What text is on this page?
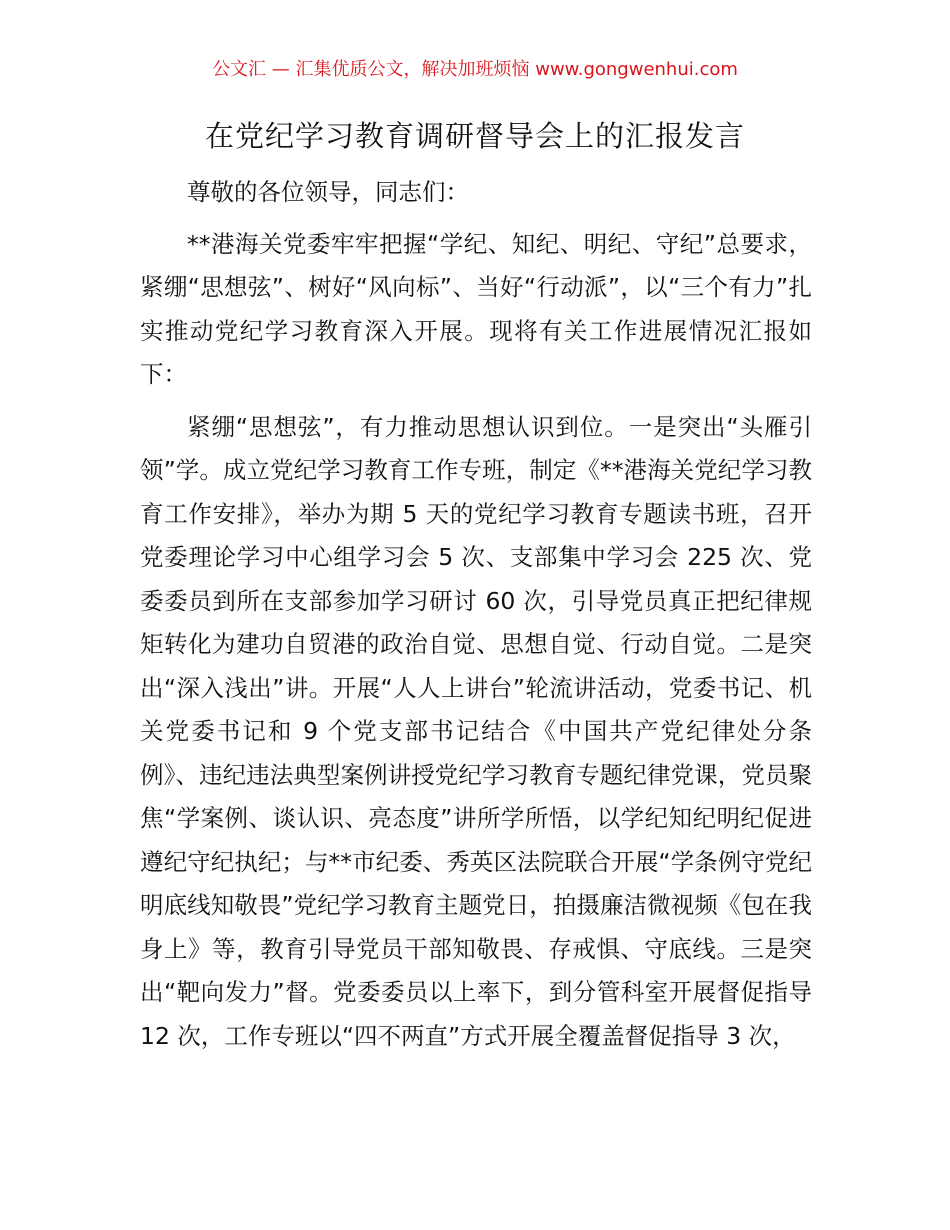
公文汇 — 汇集优质公文，解决加班烦恼 www.gongwenhui.com
在党纪学习教育调研督导会上的汇报发言

尊敬的各位领导，同志们：

**港海关党委牢牢把握“学纪、知纪、明纪、守纪”总要求，紧绷“思想弦”、树好“风向标”、当好“行动派”，以“三个有力”扎实推动党纪学习教育深入开展。现将有关工作进展情况汇报如下：

紧绷“思想弦”，有力推动思想认识到位。一是突出“头雁引领”学。成立党纪学习教育工作专班，制定《**港海关党纪学习教育工作安排》，举办为期 5 天的党纪学习教育专题读书班，召开党委理论学习中心组学习会 5 次、支部集中学习会 225 次、党委委员到所在支部参加学习研讨 60 次，引导党员真正把纪律规矩转化为建功自贸港的政治自觉、思想自觉、行动自觉。二是突出“深入浅出”讲。开展“人人上讲台”轮流讲活动，党委书记、机关党委书记和 9 个党支部书记结合《中国共产党纪律处分条例》、违纪违法典型案例讲授党纪学习教育专题纪律党课，党员聚焦“学案例、谈认识、亮态度”讲所学所悟，以学纪知纪明纪促进遵纪守纪执纪；与**市纪委、秀英区法院联合开展“学条例守党纪明底线知敬畏”党纪学习教育主题党日，拍摄廉洁微视频《包在我身上》等，教育引导党员干部知敬畏、存戒惧、守底线。三是突出“靶向发力”督。党委委员以上率下，到分管科室开展督促指导 12 次，工作专班以“四不两直”方式开展全覆盖督促指导 3 次，
